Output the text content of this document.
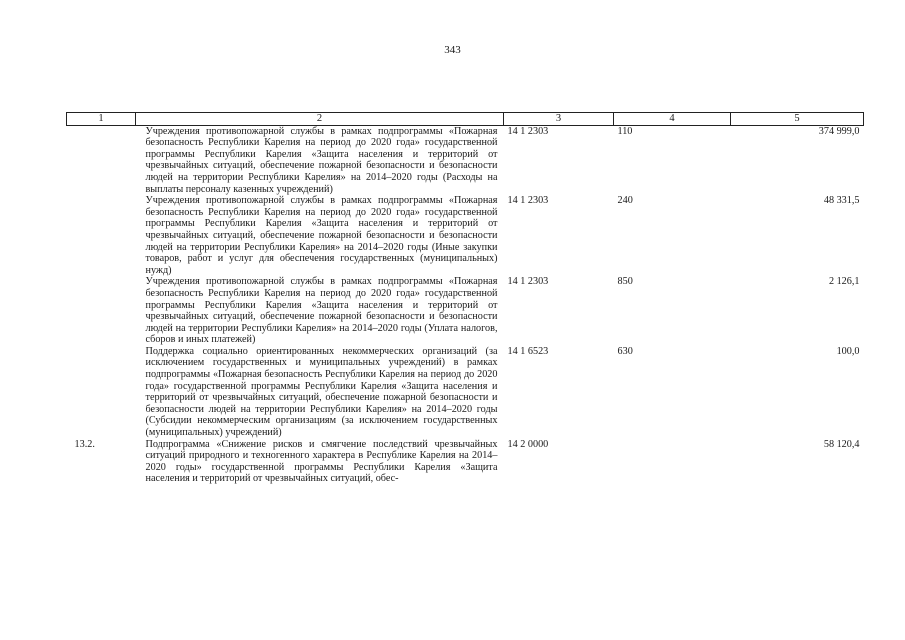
343
1	2	3	4	5
	Учреждения противопожарной службы в рамках подпрограммы «Пожарная безопасность Республики Карелия на период до 2020 года» государственной программы Республики Карелия «Защита населения и территорий от чрезвычайных ситуаций, обеспечение пожарной безопасности и безопасности людей на территории Республики Карелия» на 2014–2020 годы (Расходы на выплаты персоналу казенных учреждений)	14 1 2303	110	374 999,0
	Учреждения противопожарной службы в рамках подпрограммы «Пожарная безопасность Республики Карелия на период до 2020 года» государственной программы Республики Карелия «Защита населения и территорий от чрезвычайных ситуаций, обеспечение пожарной безопасности и безопасности людей на территории Республики Карелия» на 2014–2020 годы (Иные закупки товаров, работ и услуг для обеспечения государственных (муниципальных) нужд)	14 1 2303	240	48 331,5
	Учреждения противопожарной службы в рамках подпрограммы «Пожарная безопасность Республики Карелия на период до 2020 года» государственной программы Республики Карелия «Защита населения и территорий от чрезвычайных ситуаций, обеспечение пожарной безопасности и безопасности людей на территории Республики Карелия» на 2014–2020 годы (Уплата налогов, сборов и иных платежей)	14 1 2303	850	2 126,1
	Поддержка социально ориентированных некоммерческих организаций (за исключением государственных и муниципальных учреждений) в рамках подпрограммы «Пожарная безопасность Республики Карелия на период до 2020 года» государственной программы Республики Карелия «Защита населения и территорий от чрезвычайных ситуаций, обеспечение пожарной безопасности и безопасности людей на территории Республики Карелия» на 2014–2020 годы (Субсидии некоммерческим организациям (за исключением государственных (муниципальных) учреждений)	14 1 6523	630	100,0
13.2.	Подпрограмма «Снижение рисков и смягчение последствий чрезвычайных ситуаций природного и техногенного характера в Республике Карелия на 2014–2020 годы» государственной программы Республики Карелия «Защита населения и территорий от чрезвычайных ситуаций, обес-	14 2 0000		58 120,4
